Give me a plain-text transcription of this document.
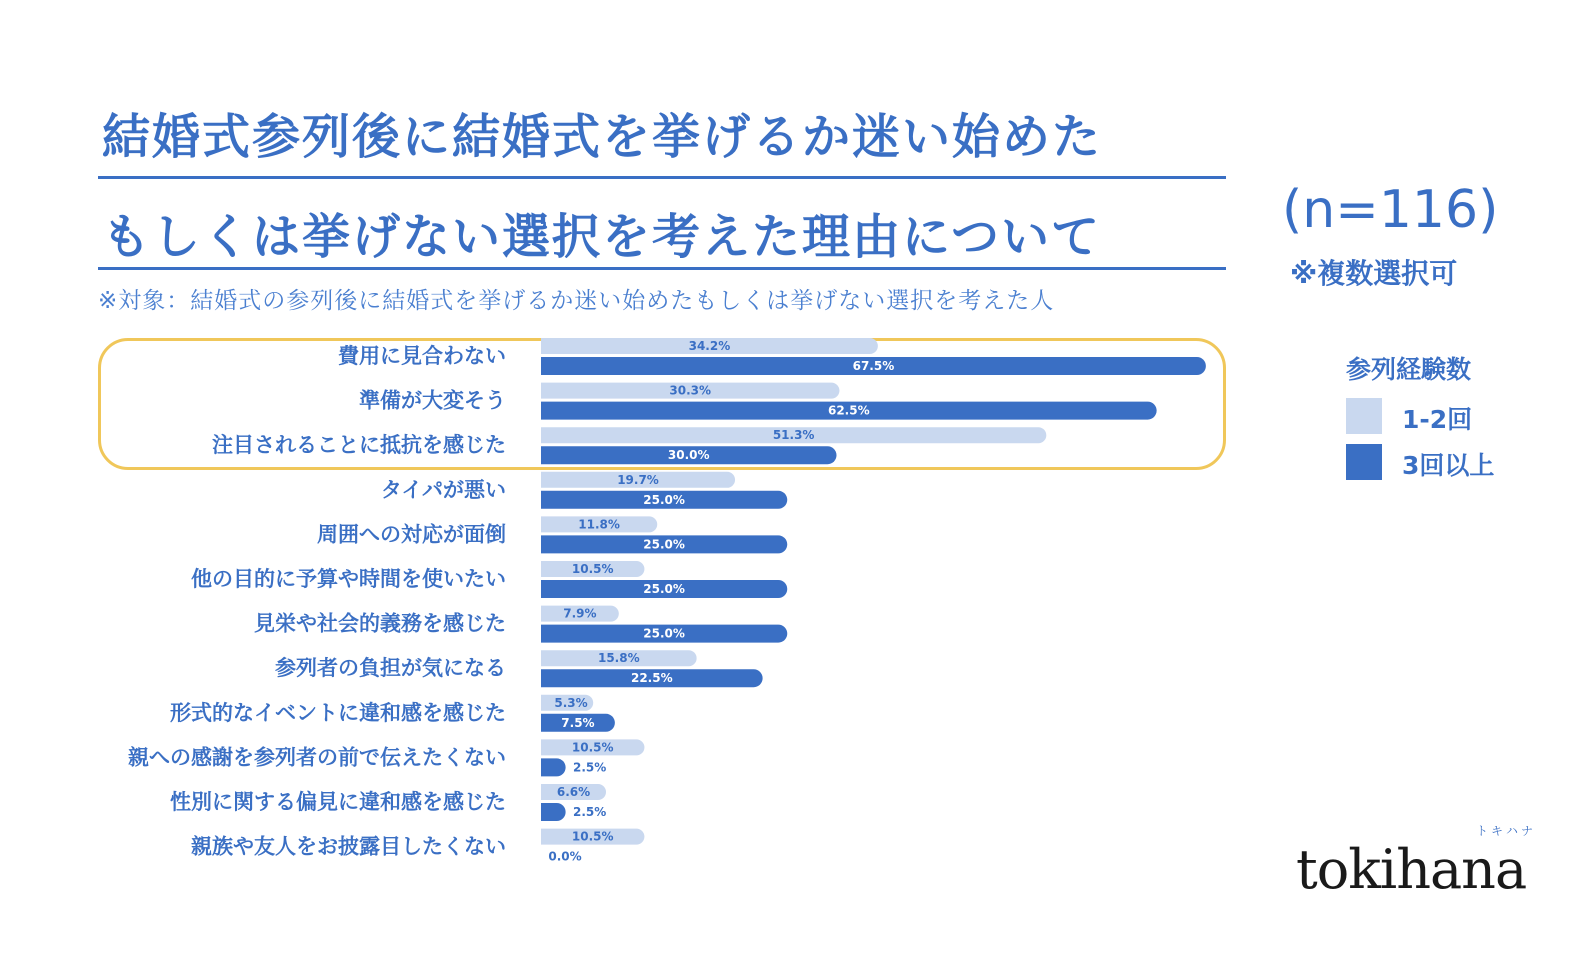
結婚式参列後に結婚式を挙げるか迷い始めた
もしくは挙げない選択を考えた理由について
※対象：結婚式の参列後に結婚式を挙げるか迷い始めたもしくは挙げない選択を考えた人
(n=116)
※複数選択可
参列経験数
1-2回
3回以上
費用に見合わない	34.2%
67.5%
準備が大変そう	30.3%
62.5%
注目されることに抵抗を感じた	51.3%
30.0%
タイパが悪い	19.7%
25.0%
周囲への対応が面倒	11.8%
25.0%
他の目的に予算や時間を使いたい	10.5%
25.0%
見栄や社会的義務を感じた	7.9%
25.0%
参列者の負担が気になる	15.8%
22.5%
形式的なイベントに違和感を感じた	5.3%
7.5%
親への感謝を参列者の前で伝えたくない	10.5%
2.5%
性別に関する偏見に違和感を感じた	6.6%
2.5%
親族や友人をお披露目したくない	10.5%
0.0%	tokihana
トキハナ
